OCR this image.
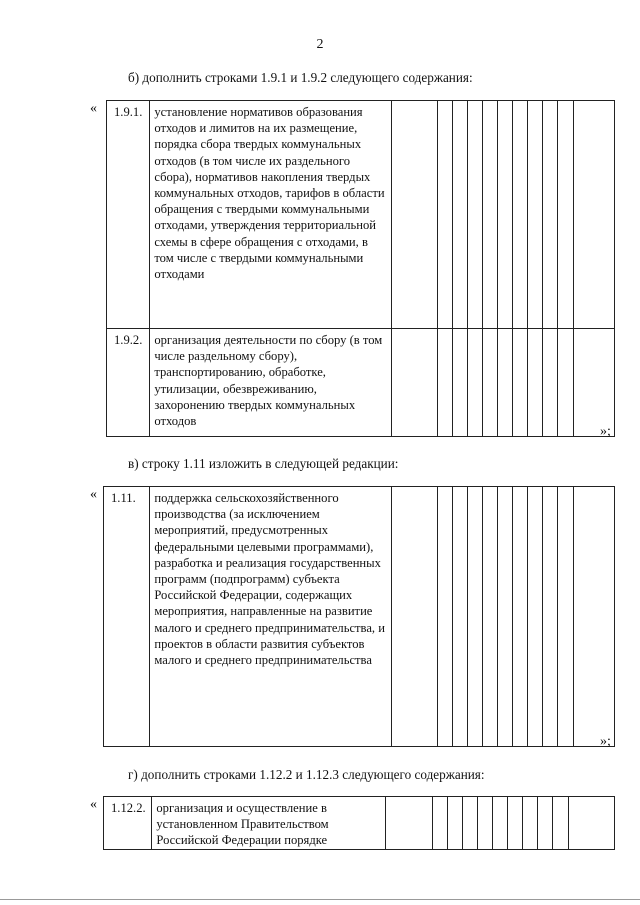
2
б) дополнить строками 1.9.1 и 1.9.2 следующего содержания:
« 1.9.1.	установление нормативов образования отходов и лимитов на их размещение, порядка сбора твердых коммунальных отходов (в том числе их раздельного сбора), нормативов накопления твердых коммунальных отходов, тарифов в области обращения с твердыми коммунальными отходами, утверждения территориальной схемы в сфере обращения с отходами, в том числе с твердыми коммунальными отходами											
1.9.2.	организация деятельности по сбору (в том числе раздельному сбору), транспортированию, обработке, утилизации, обезвреживанию, захоронению твердых коммунальных отходов											
»;
в) строку 1.11 изложить в следующей редакции:
« 1.11.	поддержка сельскохозяйственного производства (за исключением мероприятий, предусмотренных федеральными целевыми программами), разработка и реализация государственных программ (подпрограмм) субъекта Российской Федерации, содержащих мероприятия, направленные на развитие малого и среднего предпринимательства, и проектов в области развития субъектов малого и среднего предпринимательства											
»;
г) дополнить строками 1.12.2 и 1.12.3 следующего содержания:
« 1.12.2.	организация и осуществление в установленном Правительством Российской Федерации порядке											
